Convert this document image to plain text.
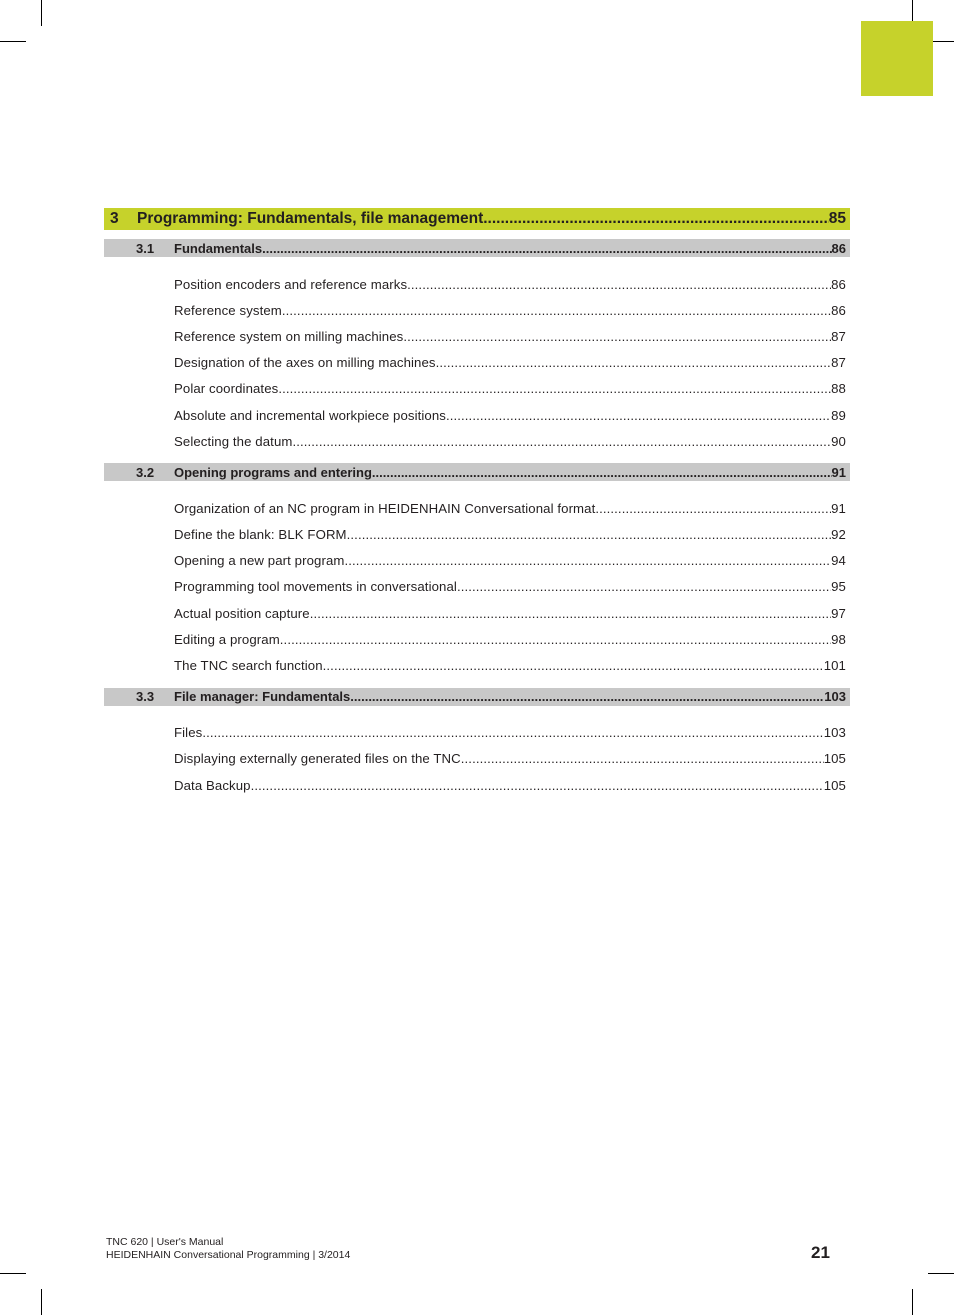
3	Programming: Fundamentals, file management .....	85
3.1	Fundamentals .....	86
Position encoders and reference marks .....	86
Reference system .....	86
Reference system on milling machines .....	87
Designation of the axes on milling machines .....	87
Polar coordinates .....	88
Absolute and incremental workpiece positions .....	89
Selecting the datum .....	90
3.2	Opening programs and entering .....	91
Organization of an NC program in HEIDENHAIN Conversational format .....	91
Define the blank: BLK FORM .....	92
Opening a new part program .....	94
Programming tool movements in conversational .....	95
Actual position capture .....	97
Editing a program .....	98
The TNC search function .....	101
3.3	File manager: Fundamentals .....	103
Files .....	103
Displaying externally generated files on the TNC .....	105
Data Backup .....	105
TNC 620 | User's Manual
HEIDENHAIN Conversational Programming | 3/2014	21
